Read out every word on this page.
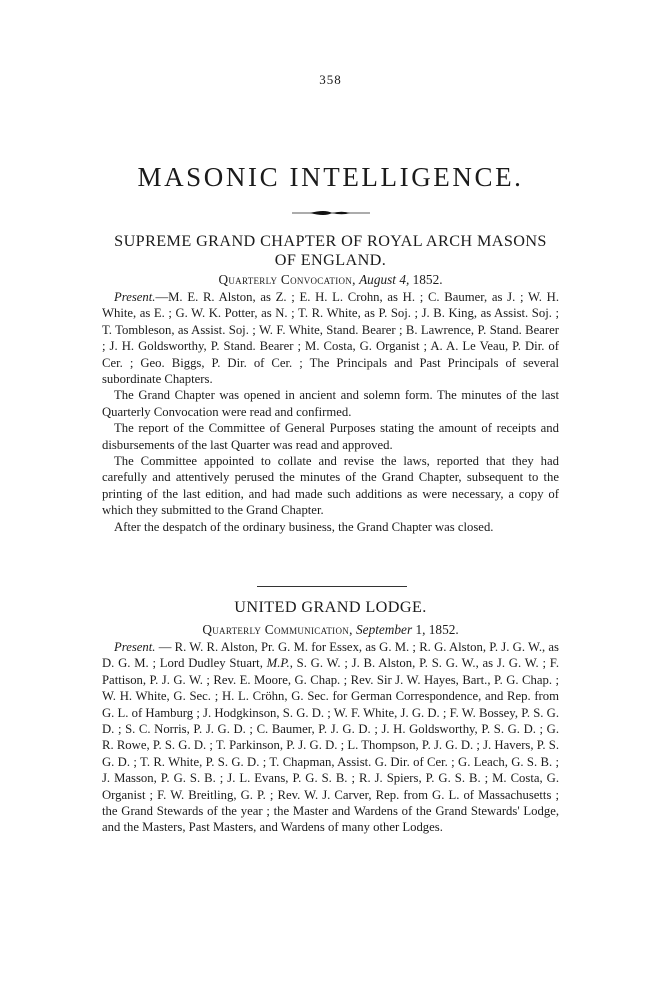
358
MASONIC INTELLIGENCE.
SUPREME GRAND CHAPTER OF ROYAL ARCH MASONS
OF ENGLAND.
Quarterly Convocation, August 4, 1852.

Present.—M. E. R. Alston, as Z. ; E. H. L. Crohn, as H. ; C. Baumer, as J. ; W. H. White, as E. ; G. W. K. Potter, as N. ; T. R. White, as P. Soj. ; J. B. King, as Assist. Soj. ; T. Tombleson, as Assist. Soj. ; W. F. White, Stand. Bearer ; B. Lawrence, P. Stand. Bearer ; J. H. Goldsworthy, P. Stand. Bearer ; M. Costa, G. Organist ; A. A. Le Veau, P. Dir. of Cer. ; Geo. Biggs, P. Dir. of Cer. ; The Principals and Past Principals of several subordinate Chapters.

The Grand Chapter was opened in ancient and solemn form. The minutes of the last Quarterly Convocation were read and confirmed.

The report of the Committee of General Purposes stating the amount of receipts and disbursements of the last Quarter was read and approved.

The Committee appointed to collate and revise the laws, reported that they had carefully and attentively perused the minutes of the Grand Chapter, subsequent to the printing of the last edition, and had made such additions as were necessary, a copy of which they submitted to the Grand Chapter.

After the despatch of the ordinary business, the Grand Chapter was closed.

UNITED GRAND LODGE.
Quarterly Communication, September 1, 1852.

Present. — R. W. R. Alston, Pr. G. M. for Essex, as G. M. ; R. G. Alston, P. J. G. W., as D. G. M. ; Lord Dudley Stuart, M.P., S. G. W. ; J. B. Alston, P. S. G. W., as J. G. W. ; F. Pattison, P. J. G. W. ; Rev. E. Moore, G. Chap. ; Rev. Sir J. W. Hayes, Bart., P. G. Chap. ; W. H. White, G. Sec. ; H. L. Cröhn, G. Sec. for German Correspondence, and Rep. from G. L. of Hamburg ; J. Hodgkinson, S. G. D. ; W. F. White, J. G. D. ; F. W. Bossey, P. S. G. D. ; S. C. Norris, P. J. G. D. ; C. Baumer, P. J. G. D. ; J. H. Goldsworthy, P. S. G. D. ; G. R. Rowe, P. S. G. D. ; T. Parkinson, P. J. G. D. ; L. Thompson, P. J. G. D. ; J. Havers, P. S. G. D. ; T. R. White, P. S. G. D. ; T. Chapman, Assist. G. Dir. of Cer. ; G. Leach, G. S. B. ; J. Masson, P. G. S. B. ; J. L. Evans, P. G. S. B. ; R. J. Spiers, P. G. S. B. ; M. Costa, G. Organist ; F. W. Breitling, G. P. ; Rev. W. J. Carver, Rep. from G. L. of Massachusetts ; the Grand Stewards of the year ; the Master and Wardens of the Grand Stewards' Lodge, and the Masters, Past Masters, and Wardens of many other Lodges.
